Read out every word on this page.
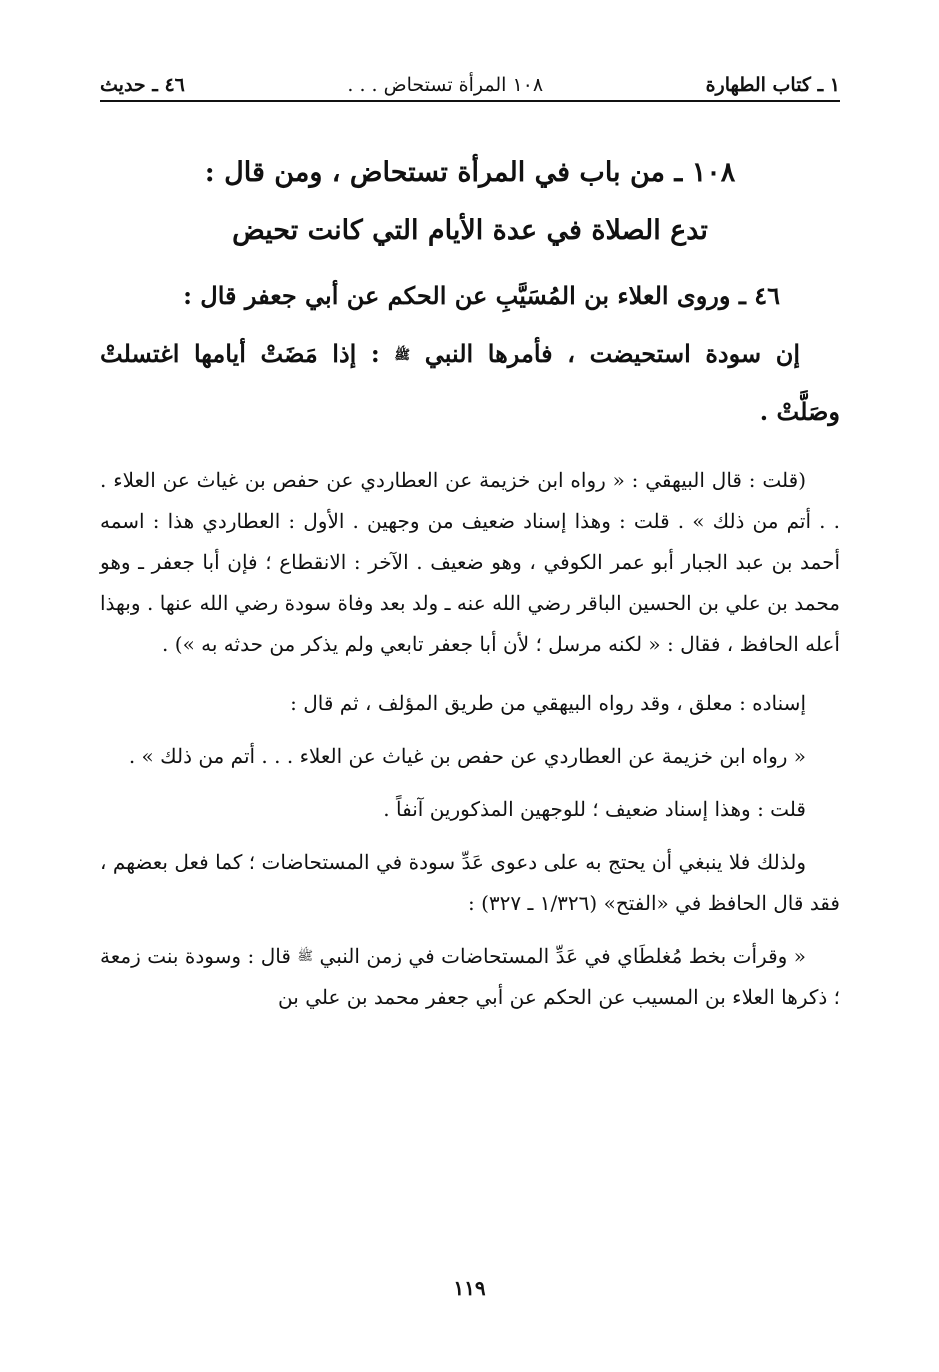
١ ـ كتاب الطهارة
١٠٨ المرأة تستحاض . . .
٤٦ ـ حديث
١٠٨ ـ من باب في المرأة تستحاض ، ومن قال :
تدع الصلاة في عدة الأيام التي كانت تحيض
٤٦ ـ وروى العلاء بن المُسَيَّبِ عن الحكم عن أبي جعفر قال :
إن سودة استحيضت ، فأمرها النبي ﷺ : إذا مَضَتْ أيامها اغتسلتْ وصَلَّتْ .

(قلت : قال البيهقي : « رواه ابن خزيمة عن العطاردي عن حفص بن غياث عن العلاء . . . أتم من ذلك » . قلت : وهذا إسناد ضعيف من وجهين . الأول : العطاردي هذا : اسمه أحمد بن عبد الجبار أبو عمر الكوفي ، وهو ضعيف . الآخر : الانقطاع ؛ فإن أبا جعفر ـ وهو محمد بن علي بن الحسين الباقر رضي الله عنه ـ ولد بعد وفاة سودة رضي الله عنها . وبهذا أعله الحافظ ، فقال : « لكنه مرسل ؛ لأن أبا جعفر تابعي ولم يذكر من حدثه به ») .

إسناده : معلق ، وقد رواه البيهقي من طريق المؤلف ، ثم قال :

« رواه ابن خزيمة عن العطاردي عن حفص بن غياث عن العلاء . . . أتم من ذلك » .

قلت : وهذا إسناد ضعيف ؛ للوجهين المذكورين آنفاً .

ولذلك فلا ينبغي أن يحتج به على دعوى عَدِّ سودة في المستحاضات ؛ كما فعل بعضهم ، فقد قال الحافظ في «الفتح» (١/٣٢٦ ـ ٣٢٧) :

« وقرأت بخط مُغلطَاي في عَدِّ المستحاضات في زمن النبي ﷺ قال : وسودة بنت زمعة ؛ ذكرها العلاء بن المسيب عن الحكم عن أبي جعفر محمد بن علي بن

١١٩
